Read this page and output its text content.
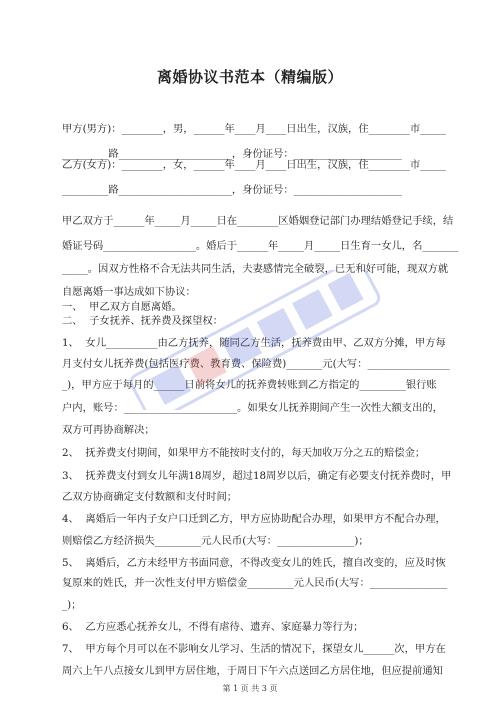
离婚协议书范本（精编版）
甲方(男方)：________，男，______年____月____日出生，汉族，住________市_____
_________路______________________，身份证号：_____________________
乙方(女方)：________，女，______年____月____日出生，汉族，住________市_____
_________路______________________，身份证号：_____________________
甲乙双方于______年_____月_____日在________区婚姻登记部门办理结婚登记手续，结
婚证号码__________________。婚后于______年_____月_____日生育一女儿，名_______
_____。因双方性格不合无法共同生活，夫妻感情完全破裂，已无和好可能，现双方就
自愿离婚一事达成如下协议：
一、  甲乙双方自愿离婚。
二、  子女抚养、抚养费及探望权：
1、  女儿__________由乙方抚养，随同乙方生活，抚养费由甲、乙双方分摊，甲方每
月支付女儿抚养费(包括医疗费、教育费、保险费)_______元(大写：________________
_)，甲方应于每月的______日前将女儿的抚养费转账到乙方指定的_________银行账
户内，账号：______________________。如果女儿抚养期间产生一次性大额支出的，
双方可再协商解决；
2、  抚养费支付期间，如果甲方不能按时支付的，每天加收万分之五的赔偿金；
3、  抚养费支付到女儿年满18周岁，超过18周岁以后，确定有必要支付抚养费时，甲
乙双方协商确定支付数额和支付时间；
4、  离婚后一年内子女户口迁到乙方，甲方应协助配合办理，如果甲方不配合办理，
则赔偿乙方经济损失_________元人民币(大写：_______________)；
5、  离婚后，乙方未经甲方书面同意，不得改变女儿的姓氏，擅自改变的，应及时恢
复原来的姓氏，并一次性支付甲方赔偿金_________元人民币(大写：_______________
_)；
6、  乙方应悉心抚养女儿，不得有虐待、遗弃、家庭暴力等行为；
7、  甲方每个月可以在不影响女儿学习、生活的情况下，探望女儿______次，甲方在
周六上午八点接女儿到甲方居住地，于周日下午六点送回乙方居住地，但应提前通知
第 1 页 共 3 页
